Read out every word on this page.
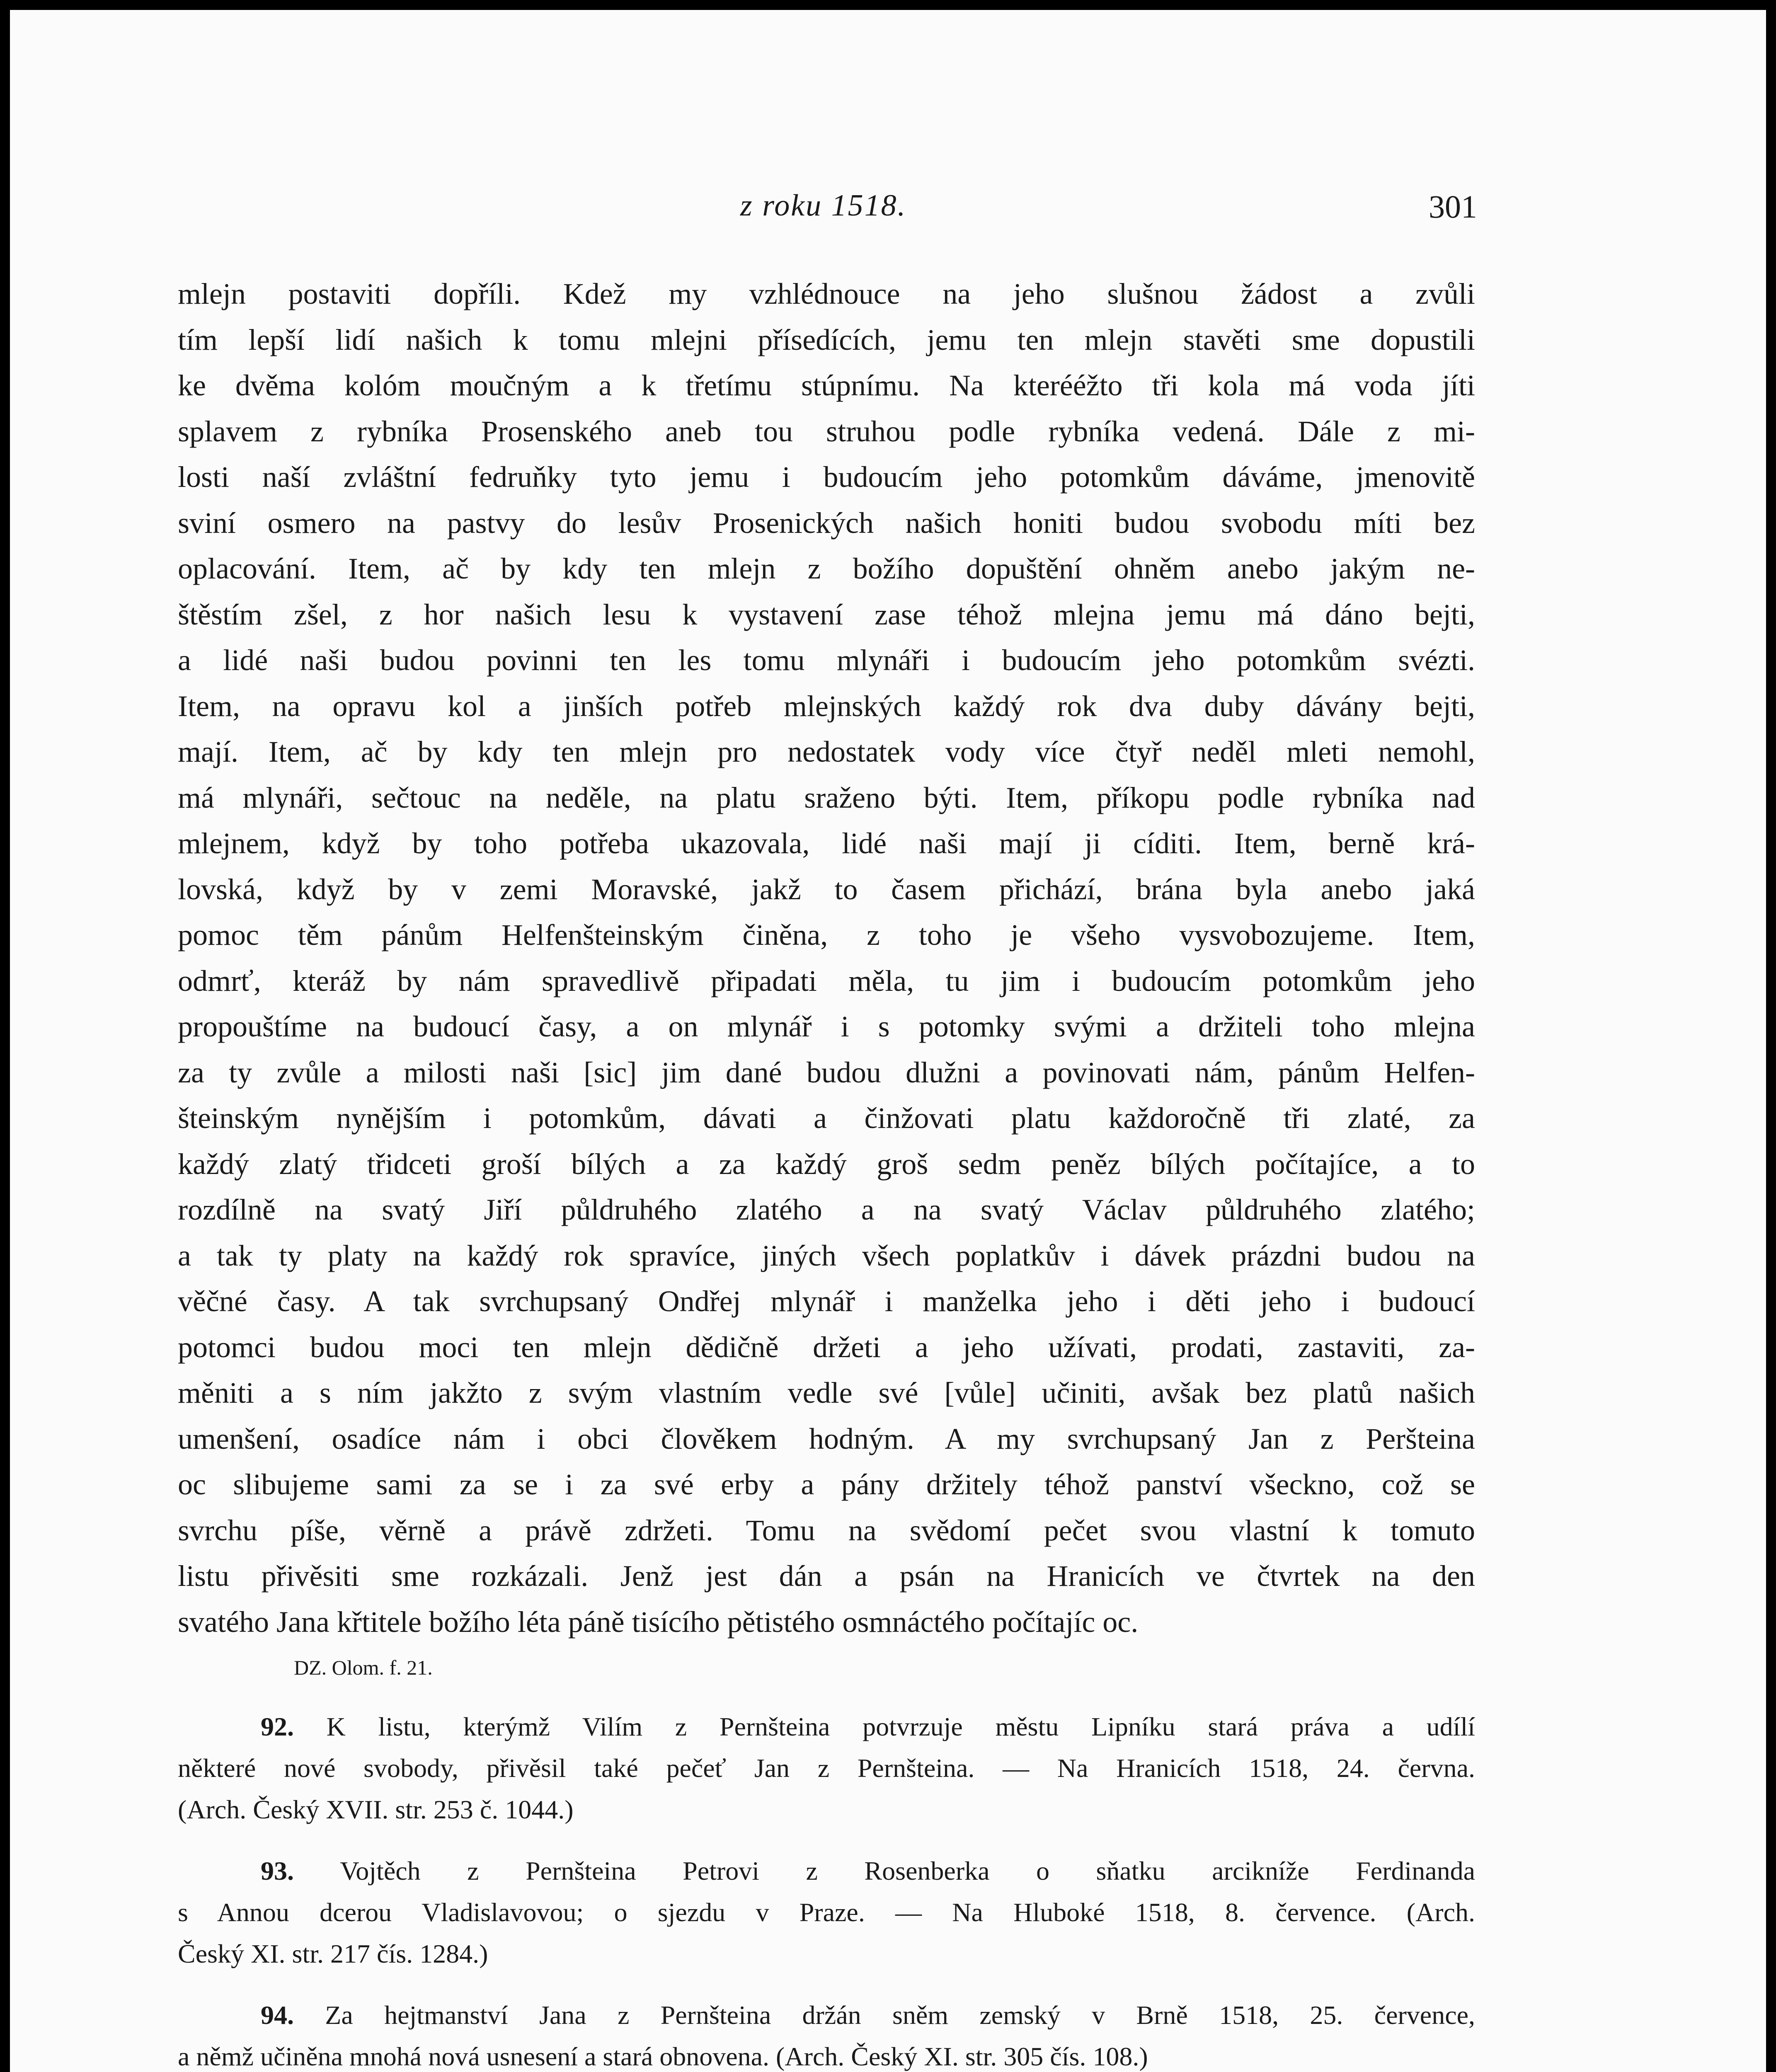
z roku 1518.	301
mlejn postaviti dopříli. Kdež my vzhlédnouce na jeho slušnou žádost a zvůli
tím lepší lidí našich k tomu mlejni přísedících, jemu ten mlejn stavěti sme dopustili
ke dvěma kolóm moučným a k třetímu stúpnímu. Na kterééžto tři kola má voda jíti
splavem z rybníka Prosenského aneb tou struhou podle rybníka vedená. Dále z mi-
losti naší zvláštní fedruňky tyto jemu i budoucím jeho potomkům dáváme, jmenovitě
sviní osmero na pastvy do lesův Prosenických našich honiti budou svobodu míti bez
oplacování. Item, ač by kdy ten mlejn z božího dopuštění ohněm anebo jakým ne-
štěstím zšel, z hor našich lesu k vystavení zase téhož mlejna jemu má dáno bejti,
a lidé naši budou povinni ten les tomu mlynáři i budoucím jeho potomkům svézti.
Item, na opravu kol a jinších potřeb mlejnských každý rok dva duby dávány bejti,
mají. Item, ač by kdy ten mlejn pro nedostatek vody více čtyř neděl mleti nemohl,
má mlynáři, sečtouc na neděle, na platu sraženo býti. Item, příkopu podle rybníka nad
mlejnem, když by toho potřeba ukazovala, lidé naši mají ji cíditi. Item, berně krá-
lovská, když by v zemi Moravské, jakž to časem přichází, brána byla anebo jaká
pomoc těm pánům Helfenšteinským činěna, z toho je všeho vysvobozujeme. Item,
odmrť, kteráž by nám spravedlivě připadati měla, tu jim i budoucím potomkům jeho
propouštíme na budoucí časy, a on mlynář i s potomky svými a držiteli toho mlejna
za ty zvůle a milosti naši [sic] jim dané budou dlužni a povinovati nám, pánům Helfen-
šteinským nynějším i potomkům, dávati a činžovati platu každoročně tři zlaté, za
každý zlatý třidceti groší bílých a za každý groš sedm peněz bílých počítajíce, a to
rozdílně na svatý Jiří půldruhého zlatého a na svatý Václav půldruhého zlatého;
a tak ty platy na každý rok spravíce, jiných všech poplatkův i dávek prázdni budou na
věčné časy. A tak svrchupsaný Ondřej mlynář i manželka jeho i děti jeho i budoucí
potomci budou moci ten mlejn dědičně držeti a jeho užívati, prodati, zastaviti, za-
měniti a s ním jakžto z svým vlastním vedle své [vůle] učiniti, avšak bez platů našich
umenšení, osadíce nám i obci člověkem hodným. A my svrchupsaný Jan z Peršteina
oc slibujeme sami za se i za své erby a pány držitely téhož panství všeckno, což se
svrchu píše, věrně a právě zdržeti. Tomu na svědomí pečet svou vlastní k tomuto
listu přivěsiti sme rozkázali. Jenž jest dán a psán na Hranicích ve čtvrtek na den
svatého Jana křtitele božího léta páně tisícího pětistého osmnáctého počítajíc oc.
DZ. Olom. f. 21.
92. K listu, kterýmž Vilím z Pernšteina potvrzuje městu Lipníku stará práva a udílí
některé nové svobody, přivěsil také pečeť Jan z Pernšteina. — Na Hranicích 1518, 24. června.
(Arch. Český XVII. str. 253 č. 1044.)
93. Vojtěch z Pernšteina Petrovi z Rosenberka o sňatku arcikníže Ferdinanda
s Annou dcerou Vladislavovou; o sjezdu v Praze. — Na Hluboké 1518, 8. července. (Arch.
Český XI. str. 217 čís. 1284.)
94. Za hejtmanství Jana z Pernšteina držán sněm zemský v Brně 1518, 25. července,
a němž učiněna mnohá nová usnesení a stará obnovena. (Arch. Český XI. str. 305 čís. 108.)
